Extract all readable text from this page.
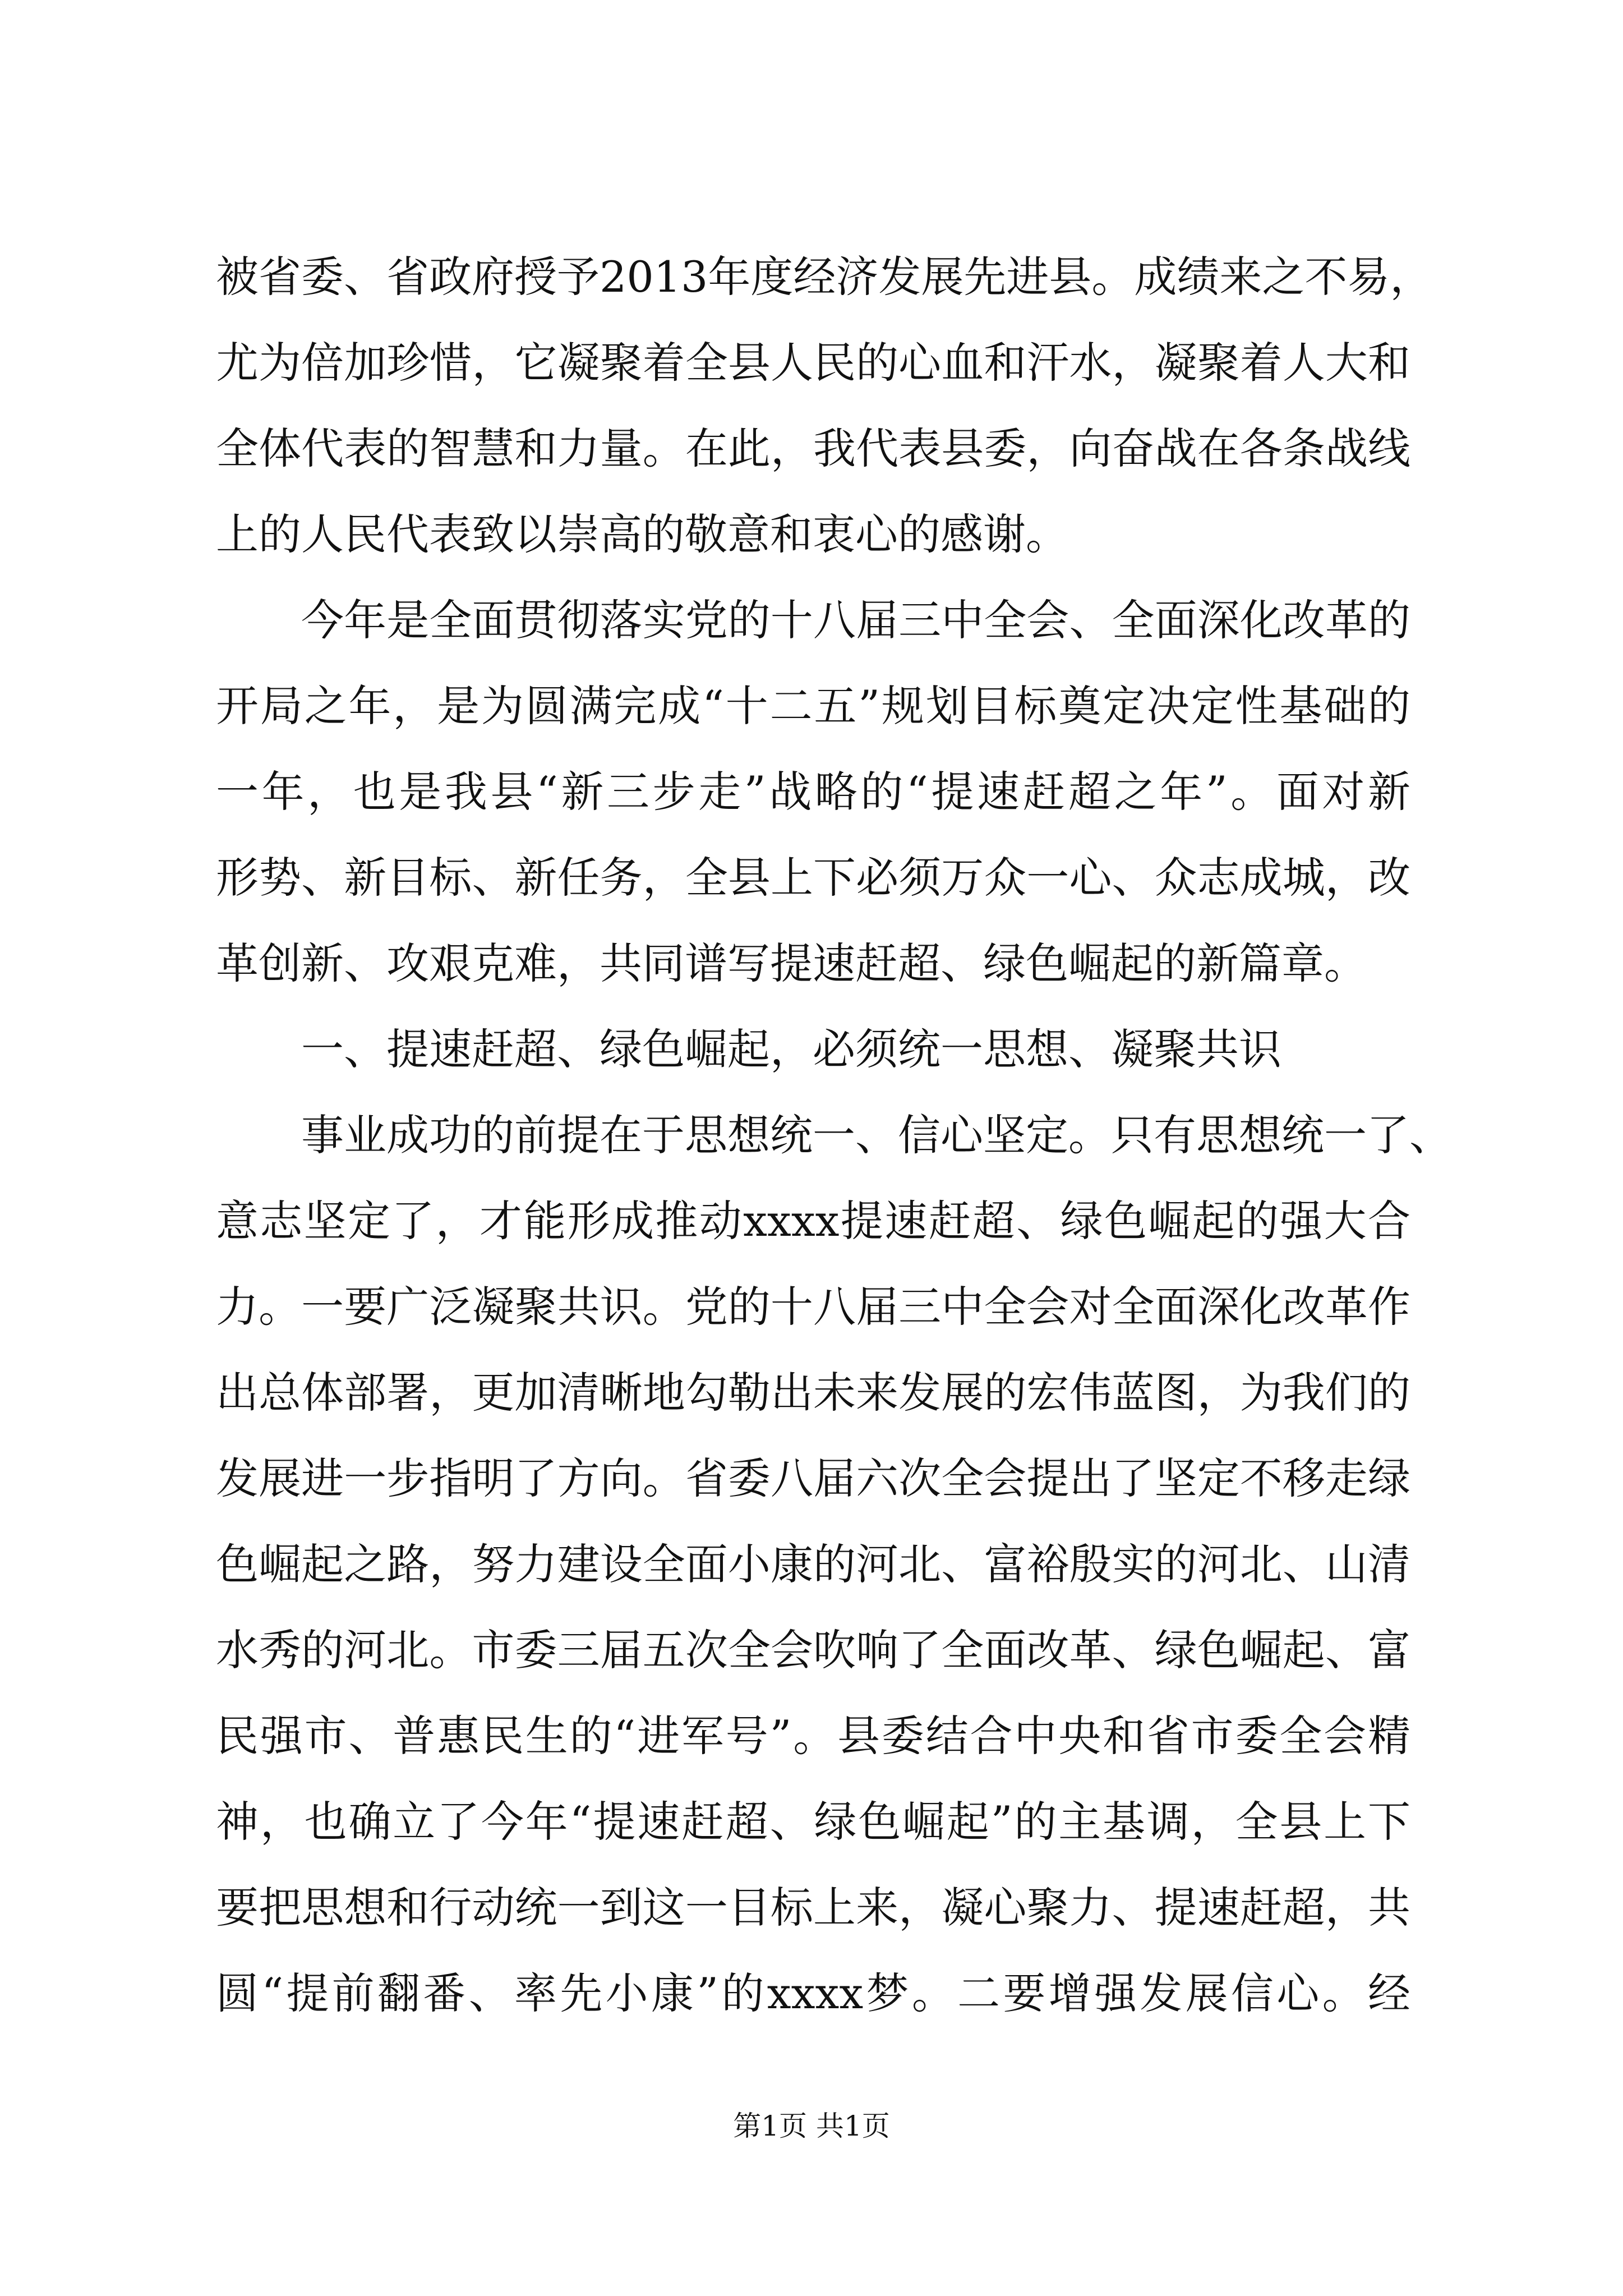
被省委、省政府授予2013年度经济发展先进县。成绩来之不易，
尤为倍加珍惜，它凝聚着全县人民的心血和汗水，凝聚着人大和
全体代表的智慧和力量。在此，我代表县委，向奋战在各条战线
上的人民代表致以崇高的敬意和衷心的感谢。
今年是全面贯彻落实党的十八届三中全会、全面深化改革的
开局之年，是为圆满完成“十二五”规划目标奠定决定性基础的
一年，也是我县“新三步走”战略的“提速赶超之年”。面对新
形势、新目标、新任务，全县上下必须万众一心、众志成城，改
革创新、攻艰克难，共同谱写提速赶超、绿色崛起的新篇章。
一、提速赶超、绿色崛起，必须统一思想、凝聚共识
事业成功的前提在于思想统一、信心坚定。只有思想统一了、
意志坚定了，才能形成推动xxxx提速赶超、绿色崛起的强大合
力。一要广泛凝聚共识。党的十八届三中全会对全面深化改革作
出总体部署，更加清晰地勾勒出未来发展的宏伟蓝图，为我们的
发展进一步指明了方向。省委八届六次全会提出了坚定不移走绿
色崛起之路，努力建设全面小康的河北、富裕殷实的河北、山清
水秀的河北。市委三届五次全会吹响了全面改革、绿色崛起、富
民强市、普惠民生的“进军号”。县委结合中央和省市委全会精
神，也确立了今年“提速赶超、绿色崛起”的主基调，全县上下
要把思想和行动统一到这一目标上来，凝心聚力、提速赶超，共
圆“提前翻番、率先小康”的xxxx梦。二要增强发展信心。经
第1页 共1页
